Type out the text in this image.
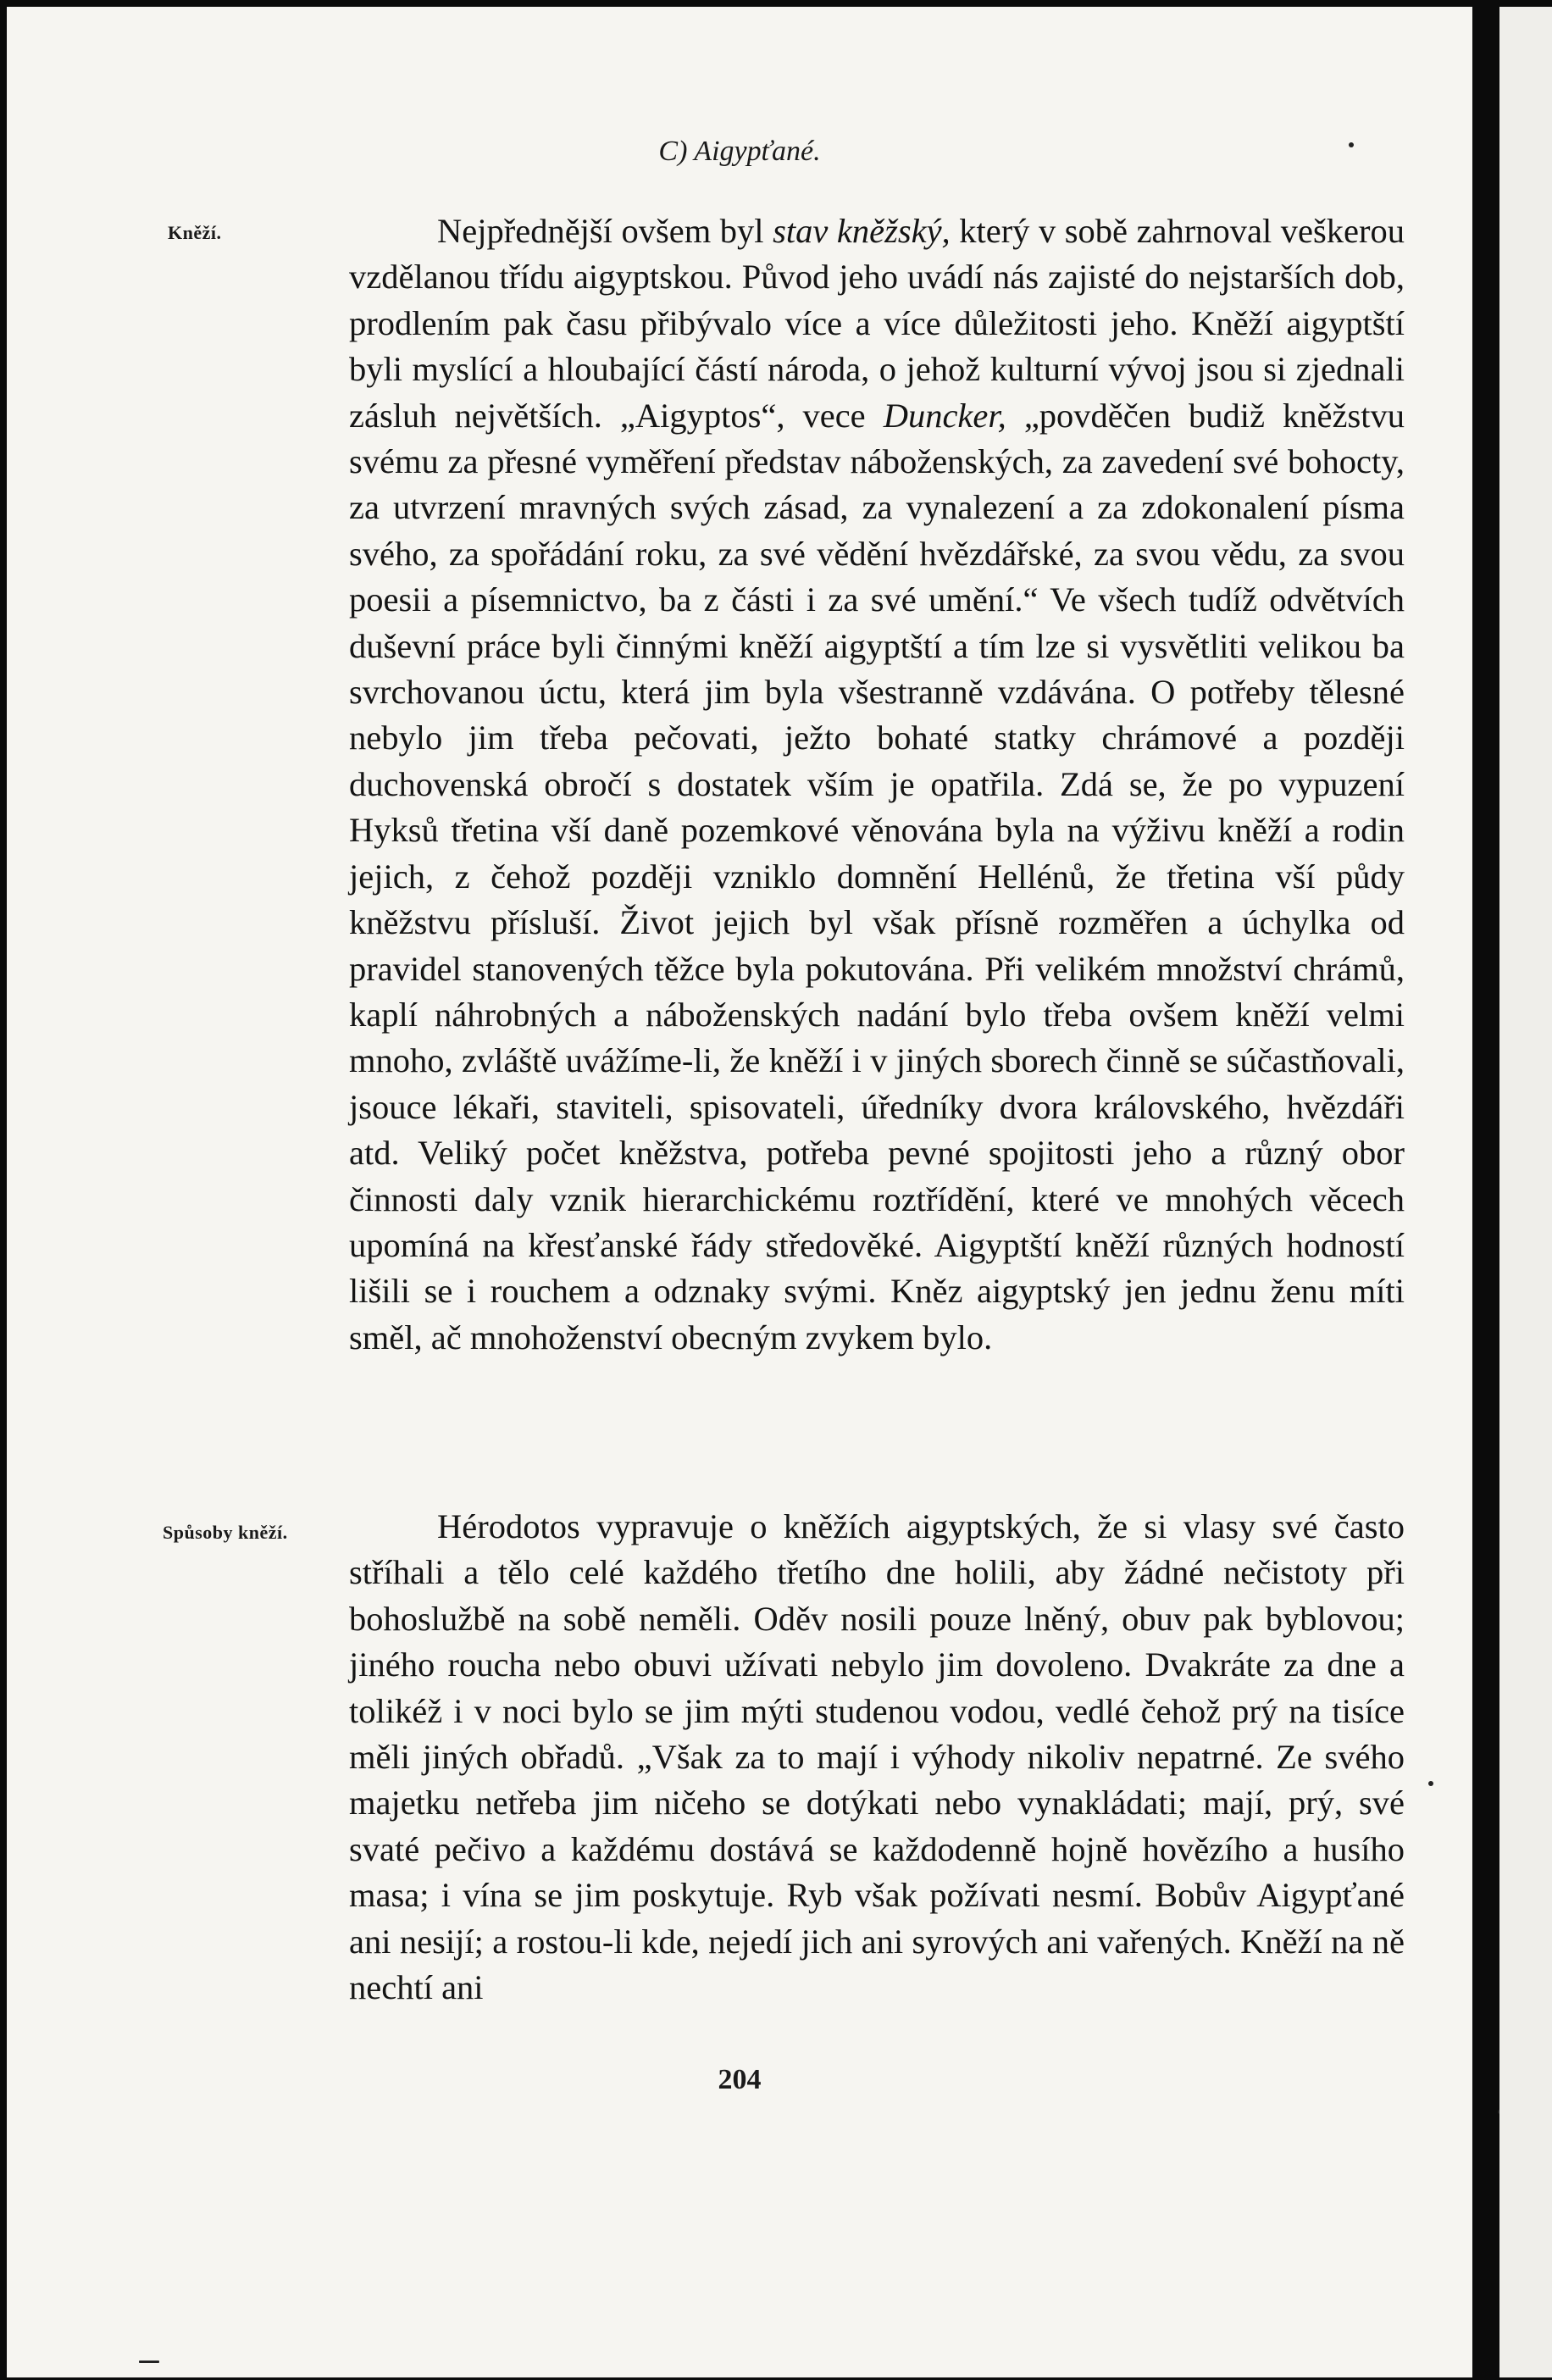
C) Aigypťané.
Kněží.	Nejpřednější ovšem byl stav kněžský, který v sobě zahrnoval veškerou vzdělanou třídu aigyptskou. Původ jeho uvádí nás zajisté do nejstarších dob, prodlením pak času přibývalo více a více důležitosti jeho. Kněží aigyptští byli myslící a hloubající částí národa, o jehož kulturní vývoj jsou si zjednali zásluh největších. „Aigyptos“, vece Duncker, „povděčen budiž kněžstvu svému za přesné vyměření představ náboženských, za zavedení své bohocty, za utvrzení mravných svých zásad, za vynalezení a za zdokonalení písma svého, za spořádání roku, za své vědění hvězdářské, za svou vědu, za svou poesii a písemnictvo, ba z části i za své umění.“ Ve všech tudíž odvětvích duševní práce byli činnými kněží aigyptští a tím lze si vysvětliti velikou ba svrchovanou úctu, která jim byla všestranně vzdávána. O potřeby tělesné nebylo jim třeba pečovati, ježto bohaté statky chrámové a později duchovenská obročí s dostatek vším je opatřila. Zdá se, že po vypuzení Hyksů třetina vší daně pozemkové věnována byla na výživu kněží a rodin jejich, z čehož později vzniklo domnění Hellénů, že třetina vší půdy kněžstvu přísluší. Život jejich byl však přísně rozměřen a úchylka od pravidel stanovených těžce byla pokutována. Při velikém množství chrámů, kaplí náhrobných a náboženských nadání bylo třeba ovšem kněží velmi mnoho, zvláště uvážíme-li, že kněží i v jiných sborech činně se súčastňovali, jsouce lékaři, staviteli, spisovateli, úředníky dvora královského, hvězdáři atd. Veliký počet kněžstva, potřeba pevné spojitosti jeho a různý obor činnosti daly vznik hierarchickému roztřídění, které ve mnohých věcech upomíná na křesťanské řády středověké. Aigyptští kněží různých hodností lišili se i rouchem a odznaky svými. Kněz aigyptský jen jednu ženu míti směl, ač mnohoženství obecným zvykem bylo.

Spůsoby kněží.	Hérodotos vypravuje o kněžích aigyptských, že si vlasy své často stříhali a tělo celé každého třetího dne holili, aby žádné nečistoty při bohoslužbě na sobě neměli. Oděv nosili pouze lněný, obuv pak byblovou; jiného roucha nebo obuvi užívati nebylo jim dovoleno. Dvakráte za dne a tolikéž i v noci bylo se jim mýti studenou vodou, vedlé čehož prý na tisíce měli jiných obřadů. „Však za to mají i výhody nikoliv nepatrné. Ze svého majetku netřeba jim ničeho se dotýkati nebo vynakládati; mají, prý, své svaté pečivo a každému dostává se každodenně hojně hovězího a husího masa; i vína se jim poskytuje. Ryb však požívati nesmí. Bobův Aigypťané ani nesijí; a rostou-li kde, nejedí jich ani syrových ani vařených. Kněží na ně nechtí ani

204
